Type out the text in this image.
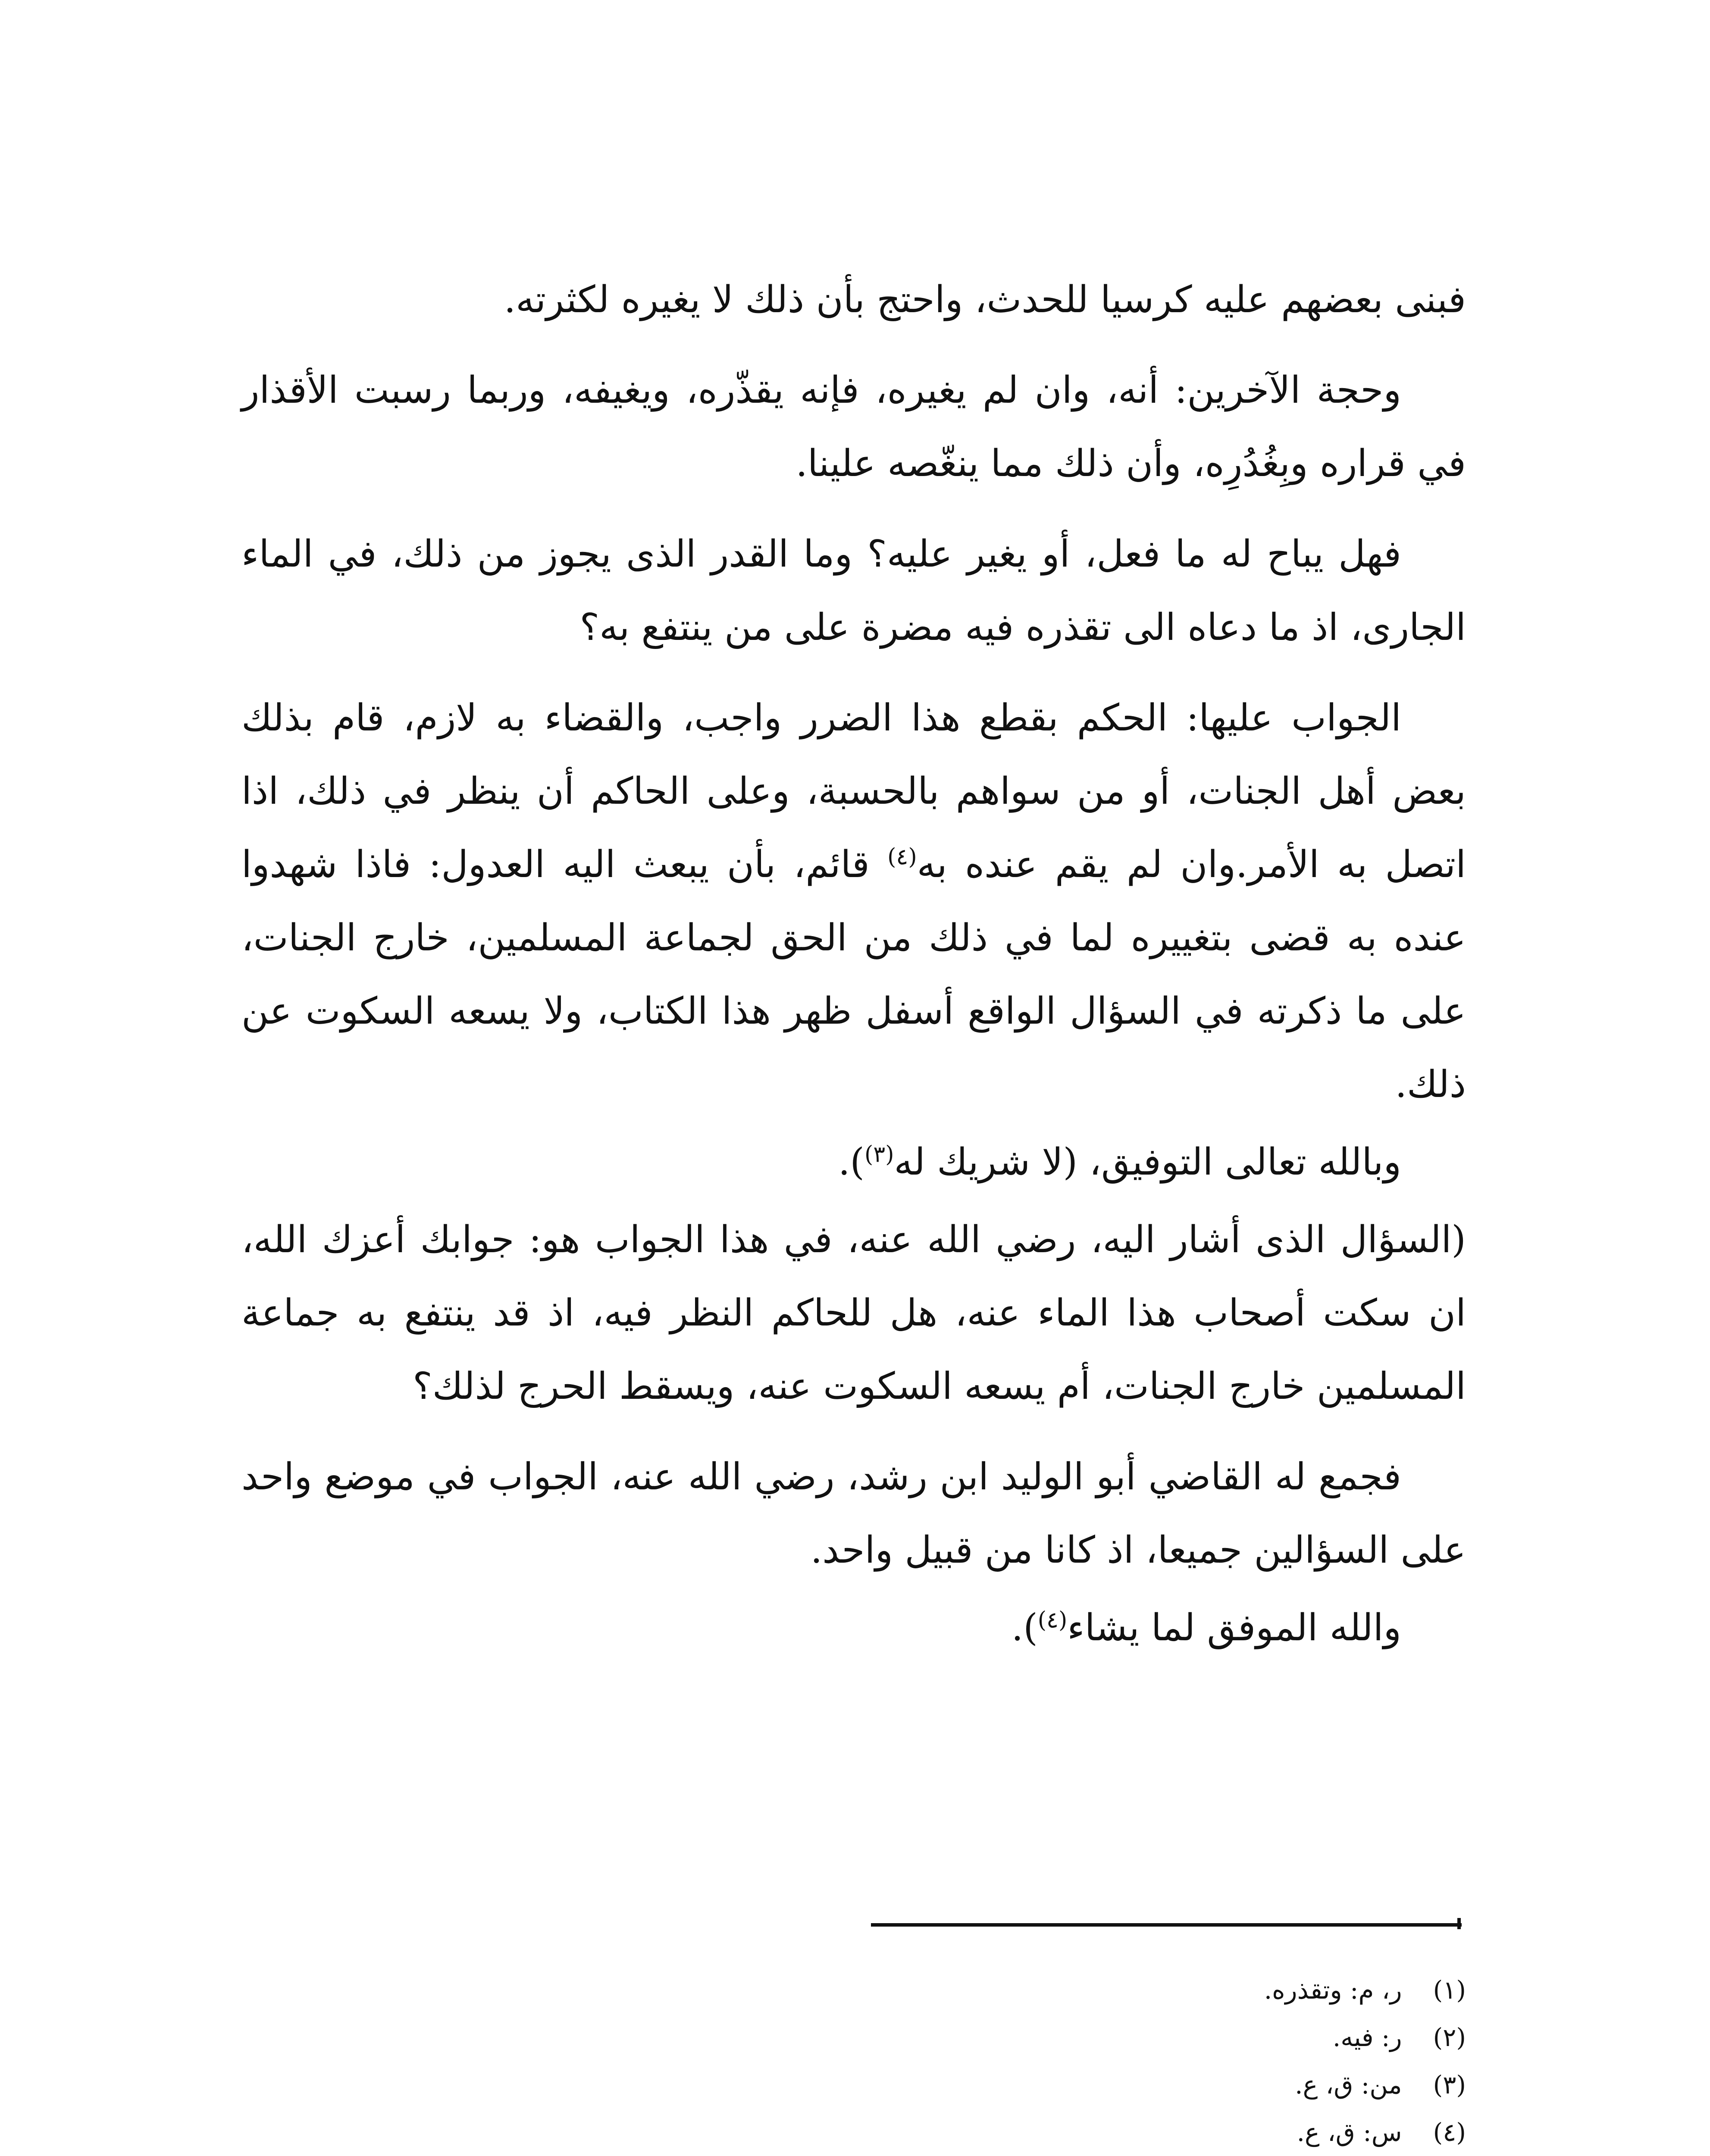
فبنى بعضهم عليه كرسيا للحدث، واحتج بأن ذلك لا يغيره لكثرته.

وحجة الآخرين: أنه، وان لم يغيره، فإنه يقذّره، ويغيفه، وربما رسبت الأقذار في قراره وبِغُدُرِه، وأن ذلك مما ينغّصه علينا.

فهل يباح له ما فعل، أو يغير عليه؟ وما القدر الذى يجوز من ذلك، في الماء الجارى، اذ ما دعاه الى تقذره فيه مضرة على من ينتفع به؟

الجواب عليها: الحكم بقطع هذا الضرر واجب، والقضاء به لازم، قام بذلك بعض أهل الجنات، أو من سواهم بالحسبة، وعلى الحاكم أن ينظر في ذلك، اذا اتصل به الأمر.وان لم يقم عنده به$^{(٤)}$ قائم، بأن يبعث اليه العدول: فاذا شهدوا عنده به قضى بتغييره لما في ذلك من الحق لجماعة المسلمين، خارج الجنات، على ما ذكرته في السؤال الواقع أسفل ظهر هذا الكتاب، ولا يسعه السكوت عن ذلك.

وبالله تعالى التوفيق، (لا شريك له$^{(٣)}$).

(السؤال الذى أشار اليه، رضي الله عنه، في هذا الجواب هو: جوابك أعزك الله، ان سكت أصحاب هذا الماء عنه، هل للحاكم النظر فيه، اذ قد ينتفع به جماعة المسلمين خارج الجنات، أم يسعه السكوت عنه، ويسقط الحرج لذلك؟

فجمع له القاضي أبو الوليد ابن رشد، رضي الله عنه، الجواب في موضع واحد على السؤالين جميعا، اذ كانا من قبيل واحد.

والله الموفق لما يشاء$^{(٤)}$).

(١) ر، م: وتقذره.

(٢) ر: فيه.

(٣) من: ق، ع.

(٤) س: ق، ع.
